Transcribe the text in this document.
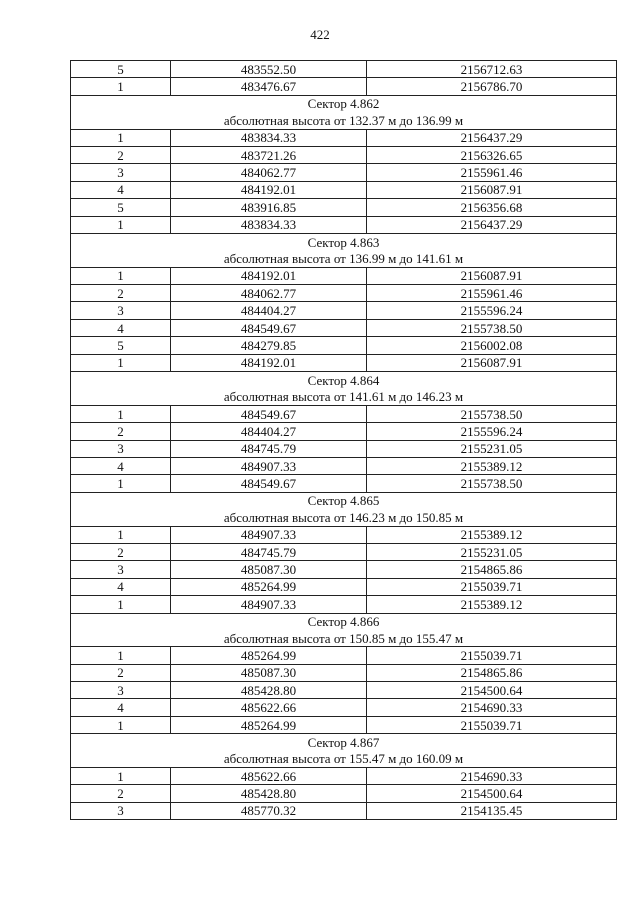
422
5	483552.50	2156712.63
1	483476.67	2156786.70
Сектор 4.862		
абсолютная высота от 132.37 м до 136.99 м		
1	483834.33	2156437.29
2	483721.26	2156326.65
3	484062.77	2155961.46
4	484192.01	2156087.91
5	483916.85	2156356.68
1	483834.33	2156437.29
Сектор 4.863		
абсолютная высота от 136.99 м до 141.61 м		
1	484192.01	2156087.91
2	484062.77	2155961.46
3	484404.27	2155596.24
4	484549.67	2155738.50
5	484279.85	2156002.08
1	484192.01	2156087.91
Сектор 4.864		
абсолютная высота от 141.61 м до 146.23 м		
1	484549.67	2155738.50
2	484404.27	2155596.24
3	484745.79	2155231.05
4	484907.33	2155389.12
1	484549.67	2155738.50
Сектор 4.865		
абсолютная высота от 146.23 м до 150.85 м		
1	484907.33	2155389.12
2	484745.79	2155231.05
3	485087.30	2154865.86
4	485264.99	2155039.71
1	484907.33	2155389.12
Сектор 4.866		
абсолютная высота от 150.85 м до 155.47 м		
1	485264.99	2155039.71
2	485087.30	2154865.86
3	485428.80	2154500.64
4	485622.66	2154690.33
1	485264.99	2155039.71
Сектор 4.867		
абсолютная высота от 155.47 м до 160.09 м		
1	485622.66	2154690.33
2	485428.80	2154500.64
3	485770.32	2154135.45
